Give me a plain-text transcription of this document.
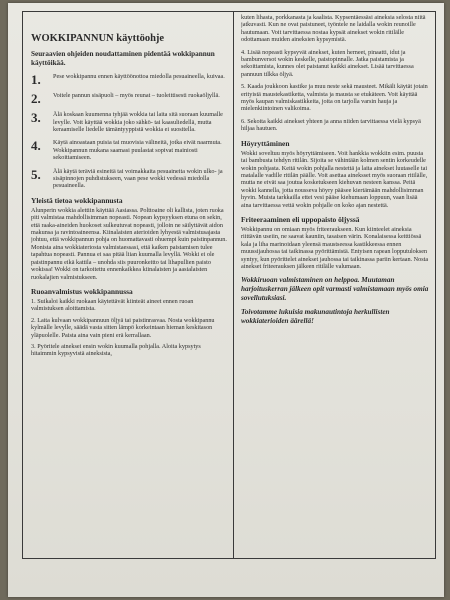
WOKKIPANNUN käyttöohje
Seuraavien ohjeiden noudattaminen pidentää wokkipannun käyttöikää.
1.	Pese wokkipannu ennen käyttöönottoa miedolla pesuaineella, kuivaa.
2.	Voitele pannun sisäpuoli – myös reunat – tuoleittisesti ruokaöljyllä.
3.	Älä koskaan kuumenna tyhjää wokkia tai laita sitä suoraan kuumalle levylle. Voit käyttää wokkia joko sähkö- tai kaasuliedellä, mutta keraamiselle liedelle tämäntyyppistä wokkia ei suositella.
4.	Käytä ainoastaan puisia tai muovisia välineitä, jotka eivät naarmuta. Wokkipannun mukana saamasi puulastat sopivat mainiosti sekoittamiseen.
5.	Älä käytä teräviä esineitä tai voimakkaita pesuaineita wokin ulko- ja sisäpinnojen puhdistukseen, vaan pese wokki vedessä miedolla pesuaineella.
Yleistä tietoa wokkipannusta
Alunperin wokkia alettiin käyttää Aasiassa. Polttoaine oli kallista, joten ruoka piti valmistaa mahdollisimman nopeasti. Nopean kypsyyksen etuna on sekin, että raaka-aineiden huokoset sulkeutuvat nopeasti, jolloin ne säilyttävät aidon makunsa ja ravintoaineensa. Kiinalaisten aterioiden lyhyestä valmistusajasta johtuu, että wokkipannun pohja on huomattavasti ohuempi kuin paistinpannun. Monista aina wokkiateriosta valmistaessasi, että kaiken paistamisen tulee tapahtua nopeasti. Pannua ei saa pitää liian kuumalla levyllä. Wokki ei ole paistinpannu eikä kattila – unohda siis puuronkeitto tai lihapullien paisto wokissa! Wokki on tarkoitettu ennenkaikkea kiinalaisten ja aasialaisten ruokalajien valmistukseen.
Ruoanvalmistus wokkipannussa
1. Suikaloi kaikki ruokaan käytettävät kiinteät aineet ennen ruoan valmistuksen aloittamista.
2. Laita kulvaan wokkipannuun öljyä tai paistinrasvaa. Nosta wokkipannu kylmälle levylle, säädä vasta sitten lämpö korkeintaan hieman keskitason yläpuolelle. Paista aina vain pieni erä kerrallaan.
3. Pyöritele aineksei ensin wokin kuumalla pohjalla. Aloita kypsytys hitaimmin kypsyvistä aineksista,
kuten lihasta, porkkanasta ja kaalista. Kypsentäessäsi aineksia selosta niitä jatkuvasti. Kun ne ovat paistuneet, työntele ne laidalla wokin reunoille hautumaan. Voit tarvittaessa nostaa kypsät ainekset wokin ritilälle odottamaan muiden aineksien kypsymistä.
4. Lisää nopeasti kypsyvät ainekset, kuten herneet, pinaatti, idut ja bambunversot wokin keskelle, paistopinnalle. Jatka paistamista ja sekoittamista, kunnes olet paistanut kaikki ainekset. Lisää tarvittaessa pannuun tilkka öljyä.
5. Kaada joukkoon kastike ja muu neste sekä mausteet. Mikäli käytät jotain erityistä maustekastiketta, valmista ja mausta se etukäteen. Voit käyttää myös kaupan valmiskastikkeita, joita on tarjolla varsin hauja ja mielenkiintoinen valikoima.
6. Sekoita kaikki ainekset yhteen ja anna niiden tarvittaessa vielä kypsyä hiljaa hautuen.
Höyryttäminen
Wokki soveltuu myös höyryttämiseen. Voit hankkia wokkiin esim. puusta tai bambusta tehdyn ritilän. Sijoita se vähintään kolmen sentin korkeudelle wokin pohjasta. Keitä wokin pohjalla nestettä ja laita ainekset luutaselle tai matalalle vadille ritilän päälle. Voit asettaa aineksset myös suoraan ritilälle, mutta ne eivät saa joutua kosketukseen kiehuvan nesteen kanssa. Peitä wokki kannella, jotta nousseva höyry pääsee kiertämään mahdollisimman hyvin. Muista tarkkailla ettei vesi pääse kiehumaan loppuun, vaan lisää aina tarvittaessa vettä wokin pohjalle on koko ajan nestettä.
Friteeraaminen eli uppopaisto öljyssä
Wokkipannu on omiaan myös friteeraukseen. Kun kiinteelet aineksia riittävän useiin, ne saavat kauniin, tasaisen värin. Konalaisessa keittiössä kala ja liha marinoidaan yleensä maustseessa kastikkeessa ennen muussijauhossa tai taikinassa pyörittämistä. Entyisen rapean lopputuloksen syntyy, kun pyörittelet ainekset jauhossa tai taikinassa pariin kertaan. Nosta ainekset friteerauksen jälkeen ritilälle valumaan.
Wokkiruoan valmistaminen on helppoa. Muutaman harjoituskerran jälkeen opit varmasti valmistamaan myös omia sovellutuksiasi.
Toivotamme lukuisia makunautintoja herkullisten wokkiaterioiden äärellä!
